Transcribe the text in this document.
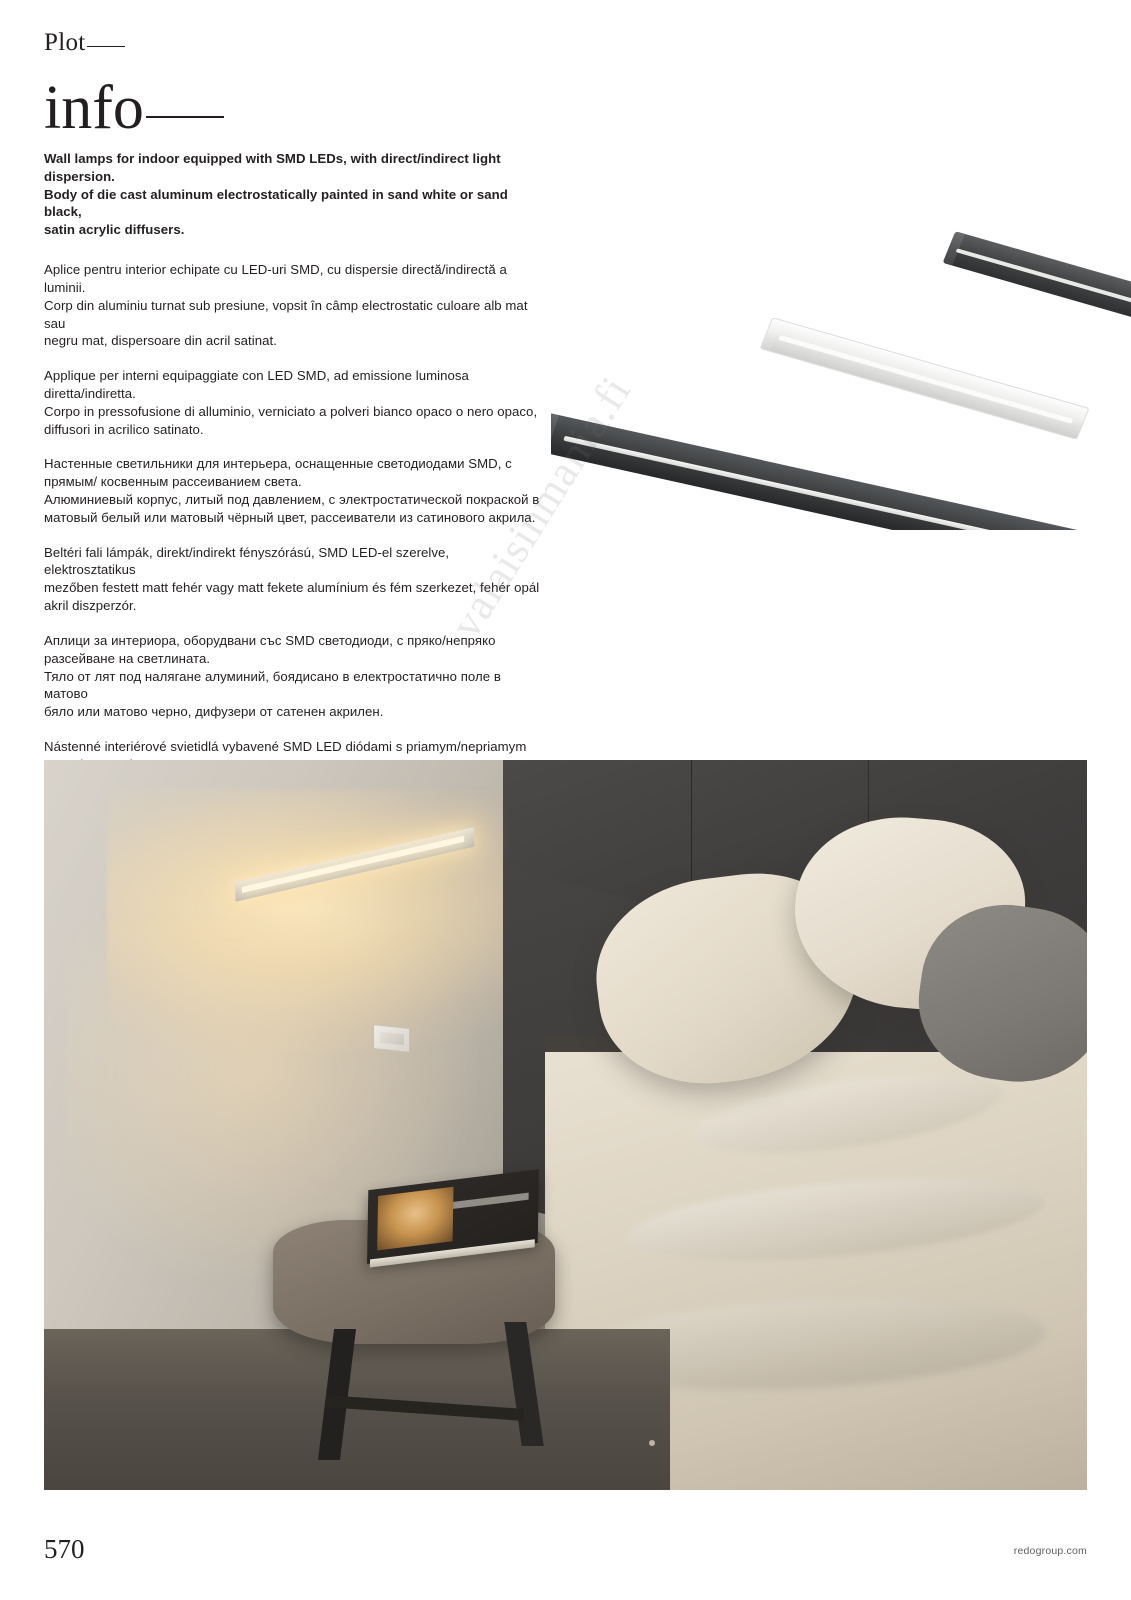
Plot
info

Wall lamps for indoor equipped with SMD LEDs, with direct/indirect light
dispersion.
Body of die cast aluminum electrostatically painted in sand white or sand black,
satin acrylic diffusers.

Aplice pentru interior echipate cu LED-uri SMD, cu dispersie directă/indirectă a luminii.
Corp din aluminiu turnat sub presiune, vopsit în câmp electrostatic culoare alb mat sau
negru mat, dispersoare din acril satinat.

Applique per interni equipaggiate con LED SMD, ad emissione luminosa diretta/indiretta.
Corpo in pressofusione di alluminio, verniciato a polveri bianco opaco o nero opaco,
diffusori in acrilico satinato.

Настенные светильники для интерьера, оснащенные светодиодами SMD, с
прямым/ косвенным рассеиванием света.
Алюминиевый корпус, литый под давлением, с электростатической покраской в
матовый белый или матовый чёрный цвет, рассеиватели из сатинового акрила.

Beltéri fali lámpák, direkt/indirekt fényszórású, SMD LED-el szerelve, elektrosztatikus
mezőben festett matt fehér vagy matt fekete alumínium és fém szerkezet, fehér opál
akril diszperzór.

Аплици за интериора, оборудвани със SMD светодиоди, с пряко/непряко
разсейване на светлината.
Тяло от лят под налягане алуминий, боядисано в електростатично поле в матово
бяло или матово черно, дифузери от сатенен акрилен.

Nástenné interiérové svietidlá vybavené SMD LED diódami s priamym/nepriamym

valaisinmania.fi
570	redogroup.com
